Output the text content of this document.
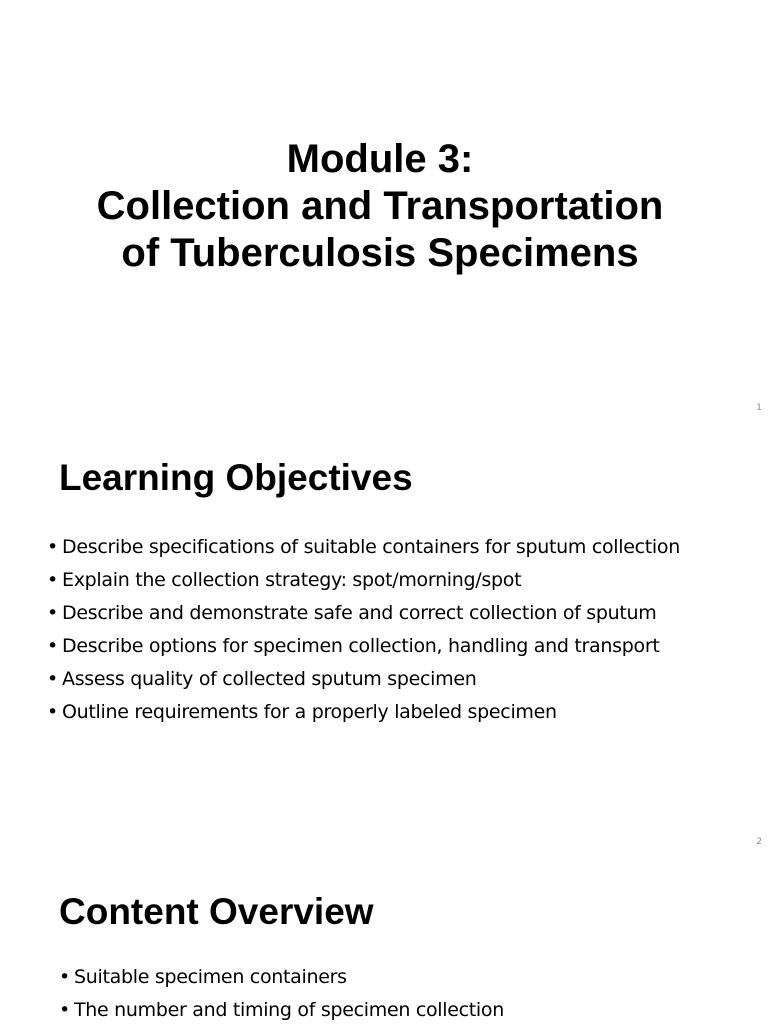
Module 3:
Collection and Transportation
of Tuberculosis Specimens
1
Learning Objectives
• Describe specifications of suitable containers for sputum collection
• Explain the collection strategy: spot/morning/spot
• Describe and demonstrate safe and correct collection of sputum
• Describe options for specimen collection, handling and transport
• Assess quality of collected sputum specimen
• Outline requirements for a properly labeled specimen
2
Content Overview
• Suitable specimen containers
• The number and timing of specimen collection
